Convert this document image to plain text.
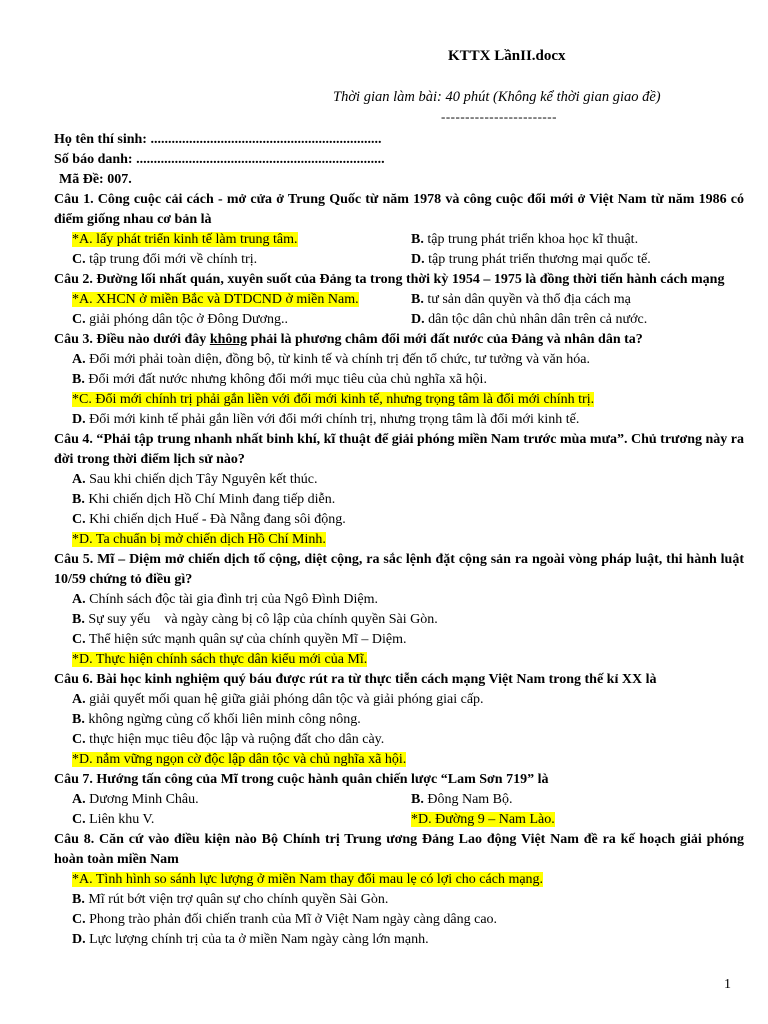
KTTX LầnII.docx
Thời gian làm bài: 40 phút (Không kể thời gian giao đề)
------------------------
Họ tên thí sinh: ..................................................................
Số báo danh: .......................................................................
Mã Đề: 007.
Câu 1. Công cuộc cải cách - mở cửa ở Trung Quốc từ năm 1978 và công cuộc đổi mới ở Việt Nam từ năm 1986 có điểm giống nhau cơ bản là
*A. lấy phát triển kinh tế làm trung tâm.	B. tập trung phát triển khoa học kĩ thuật.
C. tập trung đổi mới về chính trị.	D. tập trung phát triển thương mại quốc tế.
Câu 2. Đường lối nhất quán, xuyên suốt của Đảng ta trong thời kỳ 1954 – 1975 là đồng thời tiến hành cách mạng
*A. XHCN ở miền Bắc và DTDCND ở miền Nam.	B. tư sản dân quyền và thổ địa cách mạ
C. giải phóng dân tộc ở Đông Dương..	D. dân tộc dân chủ nhân dân trên cả nước.
Câu 3. Điều nào dưới đây không phải là phương châm đổi mới đất nước của Đảng và nhân dân ta?
A. Đổi mới phải toàn diện, đồng bộ, từ kinh tế và chính trị đến tổ chức, tư tưởng và văn hóa.
B. Đổi mới đất nước nhưng không đổi mới mục tiêu của chủ nghĩa xã hội.
*C. Đổi mới chính trị phải gắn liền với đổi mới kinh tế, nhưng trọng tâm là đổi mới chính trị.
D. Đổi mới kinh tế phải gắn liền với đổi mới chính trị, nhưng trọng tâm là đổi mới kinh tế.
Câu 4. “Phải tập trung nhanh nhất binh khí, kĩ thuật để giải phóng miền Nam trước mùa mưa”. Chủ trương này ra đời trong thời điểm lịch sử nào?
A. Sau khi chiến dịch Tây Nguyên kết thúc.
B. Khi chiến dịch Hồ Chí Minh đang tiếp diễn.
C. Khi chiến dịch Huế - Đà Nẵng đang sôi động.
*D. Ta chuẩn bị mở chiến dịch Hồ Chí Minh.
Câu 5. Mĩ – Diệm mở chiến dịch tố cộng, diệt cộng, ra sắc lệnh đặt cộng sản ra ngoài vòng pháp luật, thi hành luật 10/59 chứng tỏ điều gì?
A. Chính sách độc tài gia đình trị của Ngô Đình Diệm.
B. Sự suy yếu    và ngày càng bị cô lập của chính quyền Sài Gòn.
C. Thể hiện sức mạnh quân sự của chính quyền Mĩ – Diệm.
*D. Thực hiện chính sách thực dân kiểu mới của Mĩ.
Câu 6. Bài học kinh nghiệm quý báu được rút ra từ thực tiễn cách mạng Việt Nam trong thế kỉ XX là
A. giải quyết mối quan hệ giữa giải phóng dân tộc và giải phóng giai cấp.
B. không ngừng củng cố khối liên minh công nông.
C. thực hiện mục tiêu độc lập và ruộng đất cho dân cày.
*D. nắm vững ngọn cờ độc lập dân tộc và chủ nghĩa xã hội.
Câu 7. Hướng tấn công của Mĩ trong cuộc hành quân chiến lược “Lam Sơn 719” là
A. Dương Minh Châu.	B. Đông Nam Bộ.
C. Liên khu V.	*D. Đường 9 – Nam Lào.
Câu 8. Căn cứ vào điều kiện nào Bộ Chính trị Trung ương Đảng Lao động Việt Nam đề ra kế hoạch giải phóng hoàn toàn miền Nam
*A. Tình hình so sánh lực lượng ở miền Nam thay đổi mau lẹ có lợi cho cách mạng.
B. Mĩ rút bớt viện trợ quân sự cho chính quyền Sài Gòn.
C. Phong trào phản đối chiến tranh của Mĩ ở Việt Nam ngày càng dâng cao.
D. Lực lượng chính trị của ta ở miền Nam ngày càng lớn mạnh.
1
